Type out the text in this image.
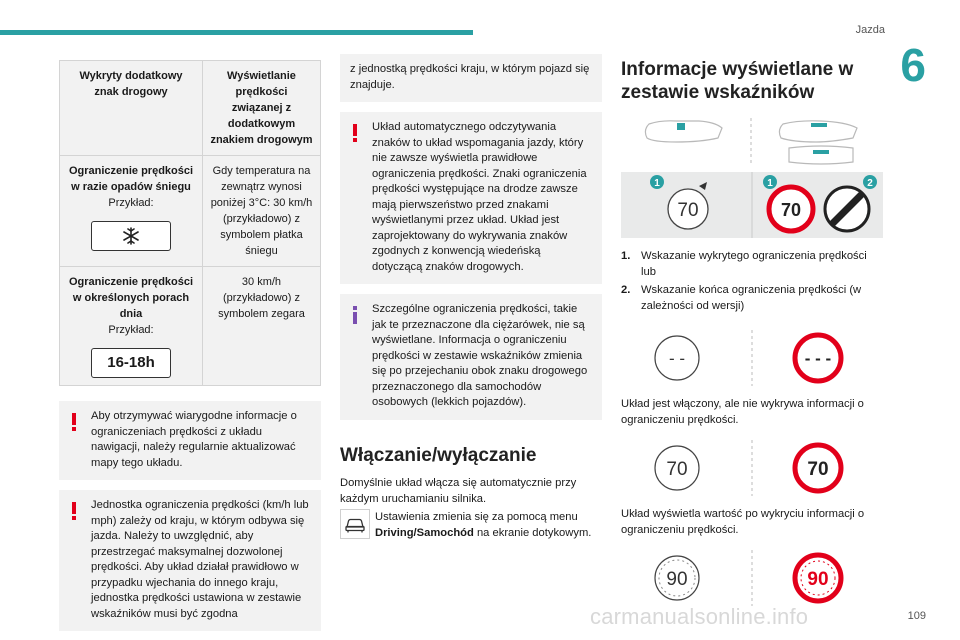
Jazda
6
109
carmanualsonline.info
Wykryty dodatkowy znak drogowy	Wyświetlanie prędkości związanej z dodatkowym znakiem drogowym

Ograniczenie prędkości w razie opadów śniegu
Przykład:	Gdy temperatura na zewnątrz wynosi poniżej 3°C: 30 km/h (przykładowo) z symbolem płatka śniegu

Ograniczenie prędkości w określonych porach dnia
Przykład:
16-18h	30 km/h (przykładowo) z symbolem zegara
Aby otrzymywać wiarygodne informacje o ograniczeniach prędkości z układu nawigacji, należy regularnie aktualizować mapy tego układu.
Jednostka ograniczenia prędkości (km/h lub mph) zależy od kraju, w którym odbywa się jazda. Należy to uwzględnić, aby przestrzegać maksymalnej dozwolonej prędkości. Aby układ działał prawidłowo w przypadku wjechania do innego kraju, jednostka prędkości ustawiona w zestawie wskaźników musi być zgodna
z jednostką prędkości kraju, w którym pojazd się znajduje.
Układ automatycznego odczytywania znaków to układ wspomagania jazdy, który nie zawsze wyświetla prawidłowe ograniczenia prędkości. Znaki ograniczenia prędkości występujące na drodze zawsze mają pierwszeństwo przed znakami wyświetlanymi przez układ. Układ jest zaprojektowany do wykrywania znaków zgodnych z konwencją wiedeńską dotyczącą znaków drogowych.
Szczególne ograniczenia prędkości, takie jak te przeznaczone dla ciężarówek, nie są wyświetlane. Informacja o ograniczeniu prędkości w zestawie wskaźników zmienia się po przejechaniu obok znaku drogowego przeznaczonego dla samochodów osobowych (lekkich pojazdów).
Włączanie/wyłączanie
Domyślnie układ włącza się automatycznie przy każdym uruchamianiu silnika.
Ustawienia zmienia się za pomocą menu Driving/Samochód na ekranie dotykowym.
Informacje wyświetlane w zestawie wskaźników
1
70
1
70
2
1. Wskazanie wykrytego ograniczenia prędkości lub
2. Wskazanie końca ograniczenia prędkości (w zależności od wersji)
- -	- - -
Układ jest włączony, ale nie wykrywa informacji o ograniczeniu prędkości.
70	70
Układ wyświetla wartość po wykryciu informacji o ograniczeniu prędkości.
90	90
